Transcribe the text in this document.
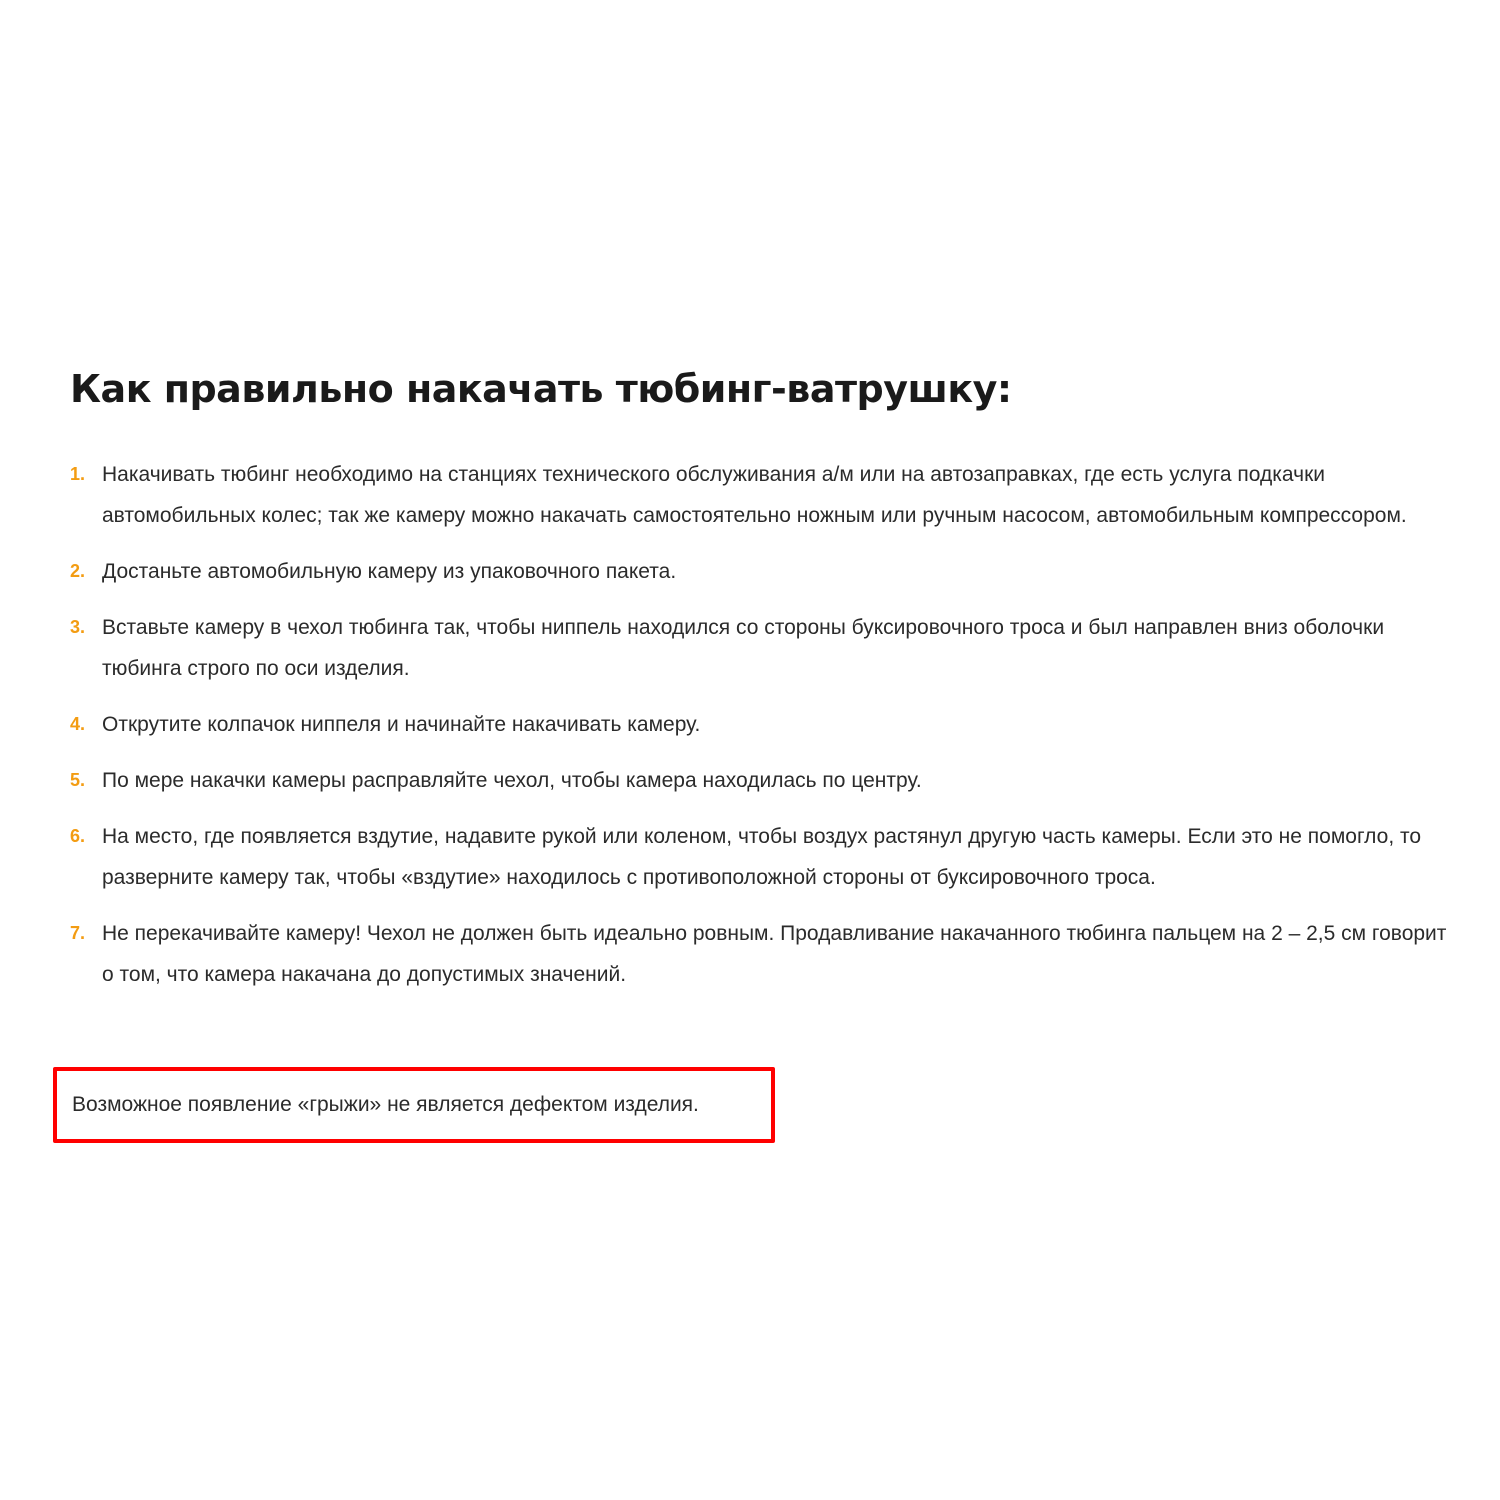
Как правильно накачать тюбинг-ватрушку:
1. Накачивать тюбинг необходимо на станциях технического обслуживания а/м или на автозаправках, где есть услуга подкачки автомобильных колес; так же камеру можно накачать самостоятельно ножным или ручным насосом, автомобильным компрессором.
2. Достаньте автомобильную камеру из упаковочного пакета.
3. Вставьте камеру в чехол тюбинга так, чтобы ниппель находился со стороны буксировочного троса и был направлен вниз оболочки тюбинга строго по оси изделия.
4. Открутите колпачок ниппеля и начинайте накачивать камеру.
5. По мере накачки камеры расправляйте чехол, чтобы камера находилась по центру.
6. На место, где появляется вздутие, надавите рукой или коленом, чтобы воздух растянул другую часть камеры. Если это не помогло, то разверните камеру так, чтобы «вздутие» находилось с противоположной стороны от буксировочного троса.
7. Не перекачивайте камеру! Чехол не должен быть идеально ровным. Продавливание накачанного тюбинга пальцем на 2 – 2,5 см говорит о том, что камера накачана до допустимых значений.
Возможное появление «грыжи» не является дефектом изделия.
